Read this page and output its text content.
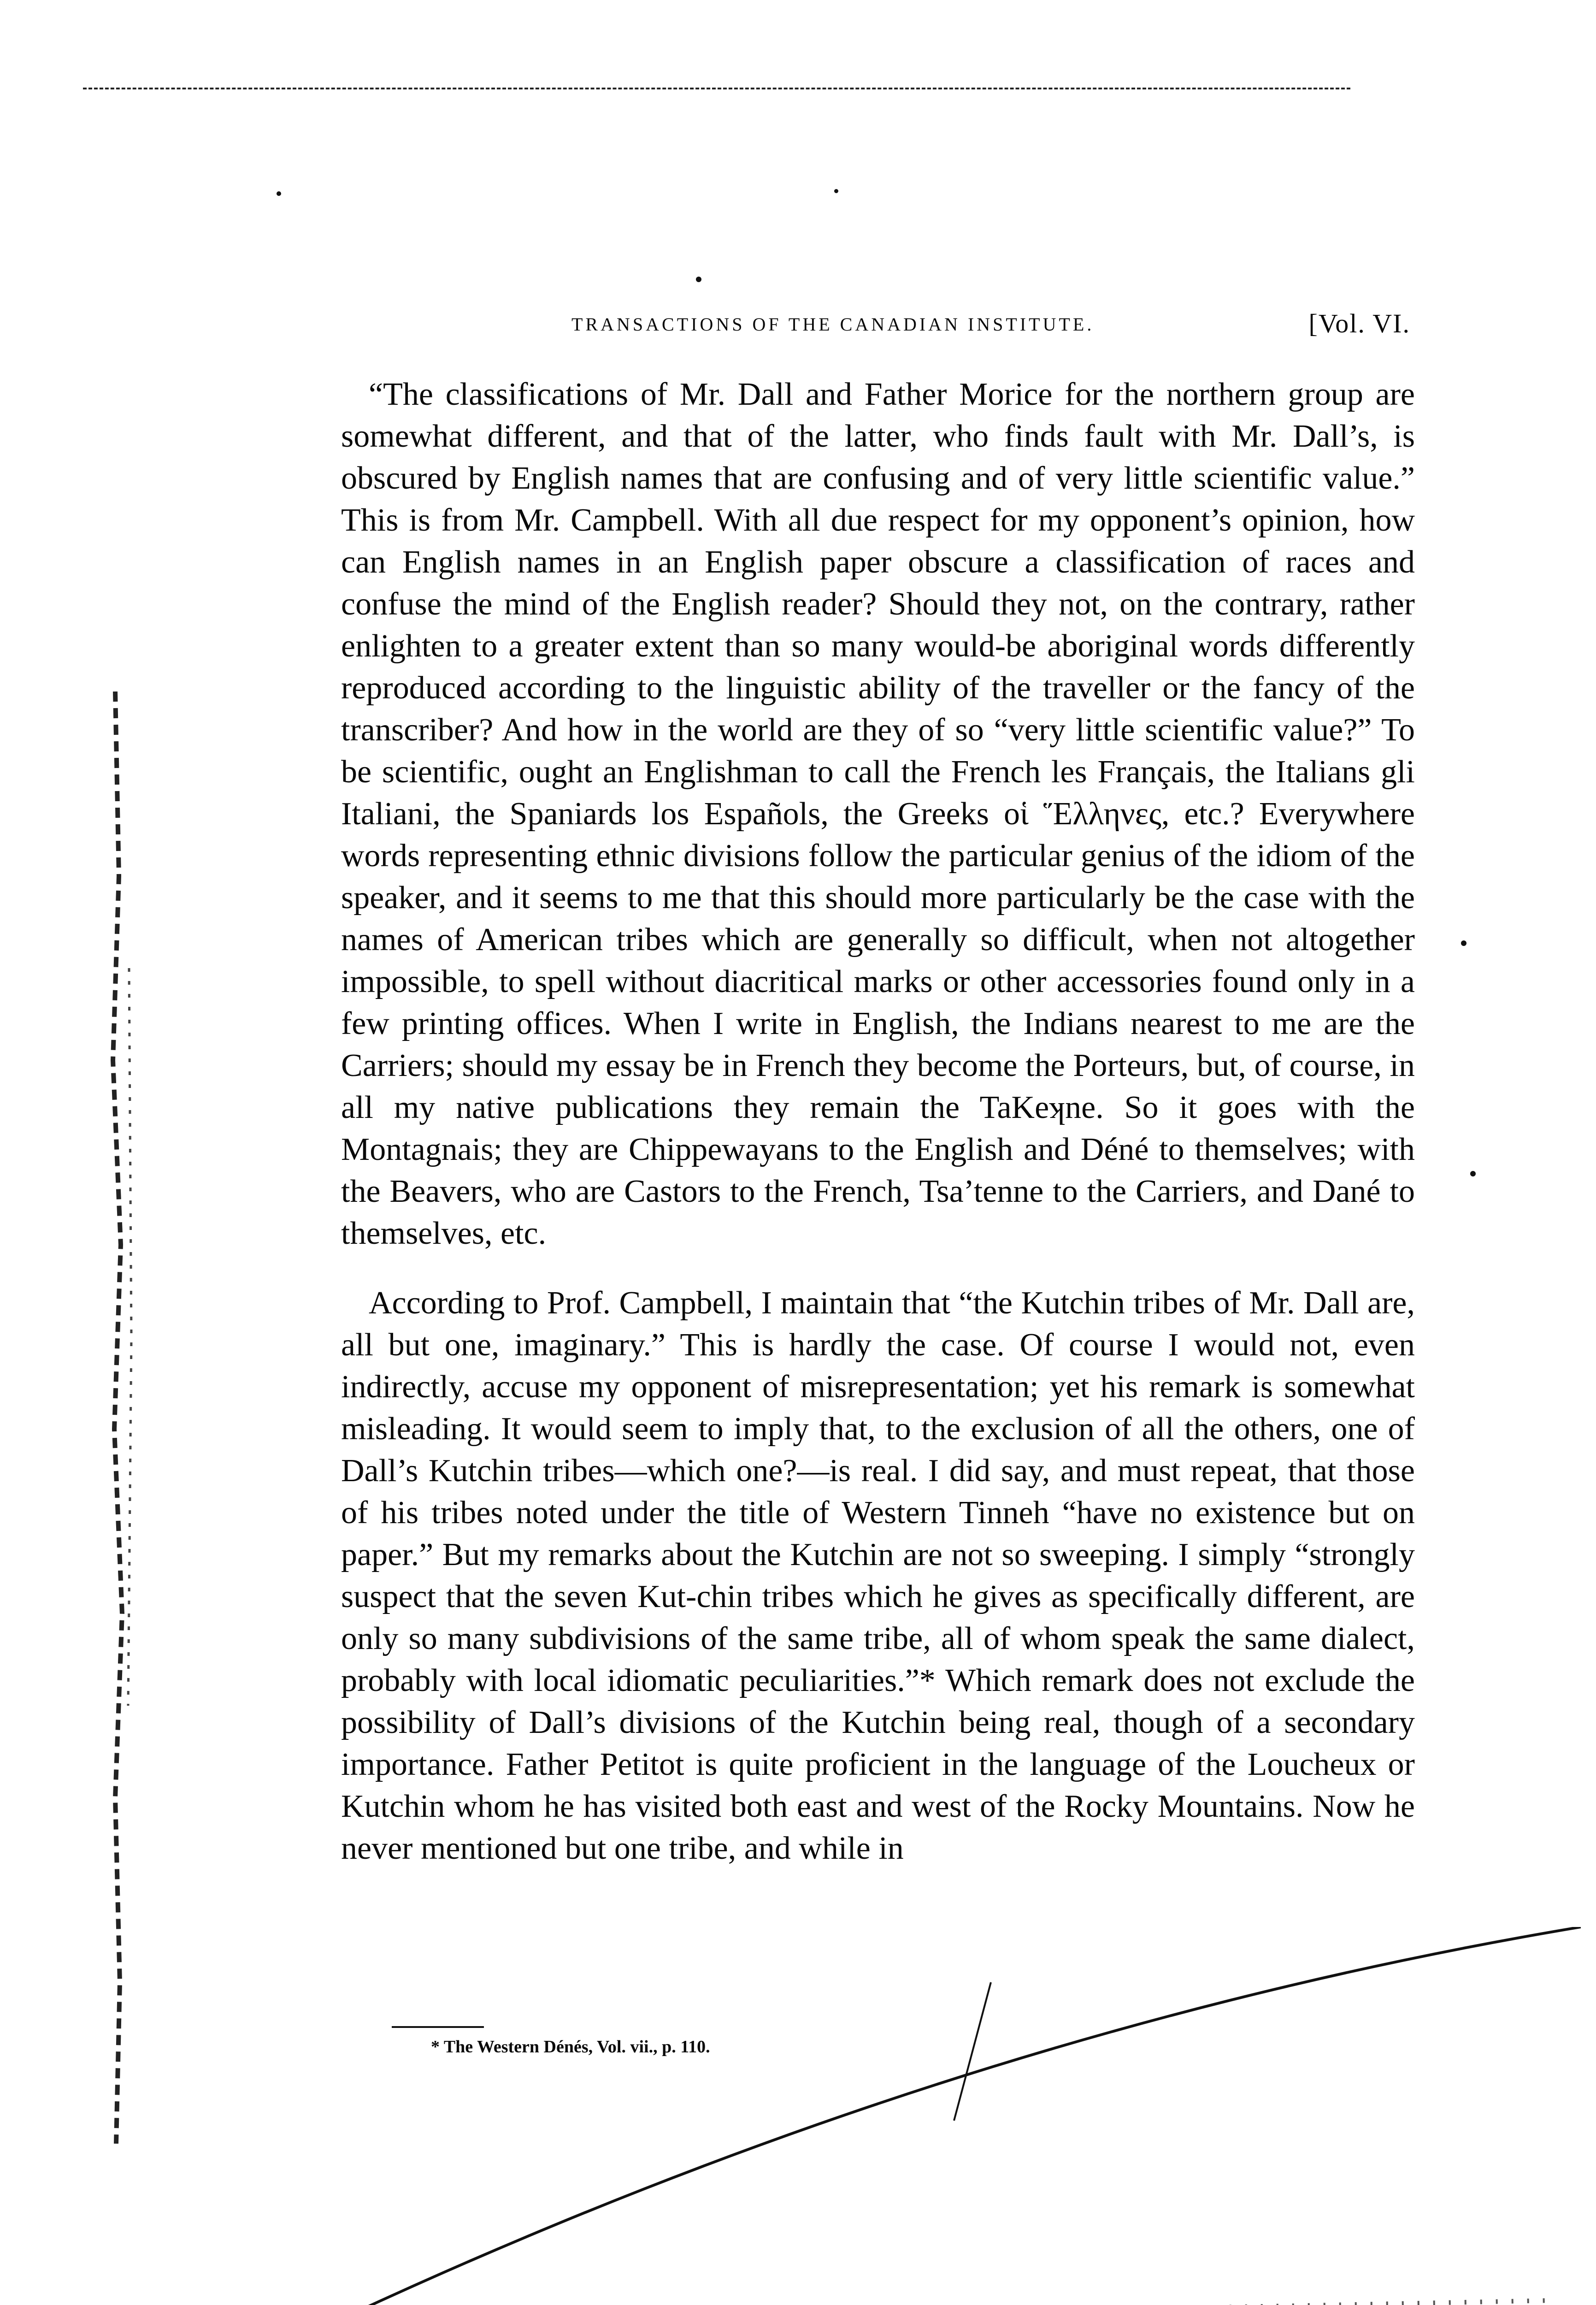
TRANSACTIONS OF THE CANADIAN INSTITUTE.	[Vol. VI.

“The classifications of Mr. Dall and Father Morice for the northern group are somewhat different, and that of the latter, who finds fault with Mr. Dall’s, is obscured by English names that are confusing and of very little scientific value.” This is from Mr. Campbell. With all due respect for my opponent’s opinion, how can English names in an English paper obscure a classification of races and confuse the mind of the English reader? Should they not, on the contrary, rather enlighten to a greater extent than so many would-be aboriginal words differently reproduced according to the linguistic ability of the traveller or the fancy of the transcriber? And how in the world are they of so “very little scientific value?” To be scientific, ought an Englishman to call the French les Français, the Italians gli Italiani, the Spaniards los Españols, the Greeks οἱ Ἕλληνες, etc.? Everywhere words representing ethnic divisions follow the particular genius of the idiom of the speaker, and it seems to me that this should more particularly be the case with the names of American tribes which are generally so difficult, when not altogether impossible, to spell without diacritical marks or other accessories found only in a few printing offices. When I write in English, the Indians nearest to me are the Carriers; should my essay be in French they become the Porteurs, but, of course, in all my native publications they remain the TaKeʞne. So it goes with the Montagnais; they are Chippewayans to the English and Déné to themselves; with the Beavers, who are Castors to the French, Tsa’tenne to the Carriers, and Dané to themselves, etc.

According to Prof. Campbell, I maintain that “the Kutchin tribes of Mr. Dall are, all but one, imaginary.” This is hardly the case. Of course I would not, even indirectly, accuse my opponent of misrepresentation; yet his remark is somewhat misleading. It would seem to imply that, to the exclusion of all the others, one of Dall’s Kutchin tribes—which one?—is real. I did say, and must repeat, that those of his tribes noted under the title of Western Tinneh “have no existence but on paper.” But my remarks about the Kutchin are not so sweeping. I simply “strongly suspect that the seven Kut-chin tribes which he gives as specifically different, are only so many subdivisions of the same tribe, all of whom speak the same dialect, probably with local idiomatic peculiarities.”* Which remark does not exclude the possibility of Dall’s divisions of the Kutchin being real, though of a secondary importance. Father Petitot is quite proficient in the language of the Loucheux or Kutchin whom he has visited both east and west of the Rocky Mountains. Now he never mentioned but one tribe, and while in

* The Western Dénés, Vol. vii., p. 110.
